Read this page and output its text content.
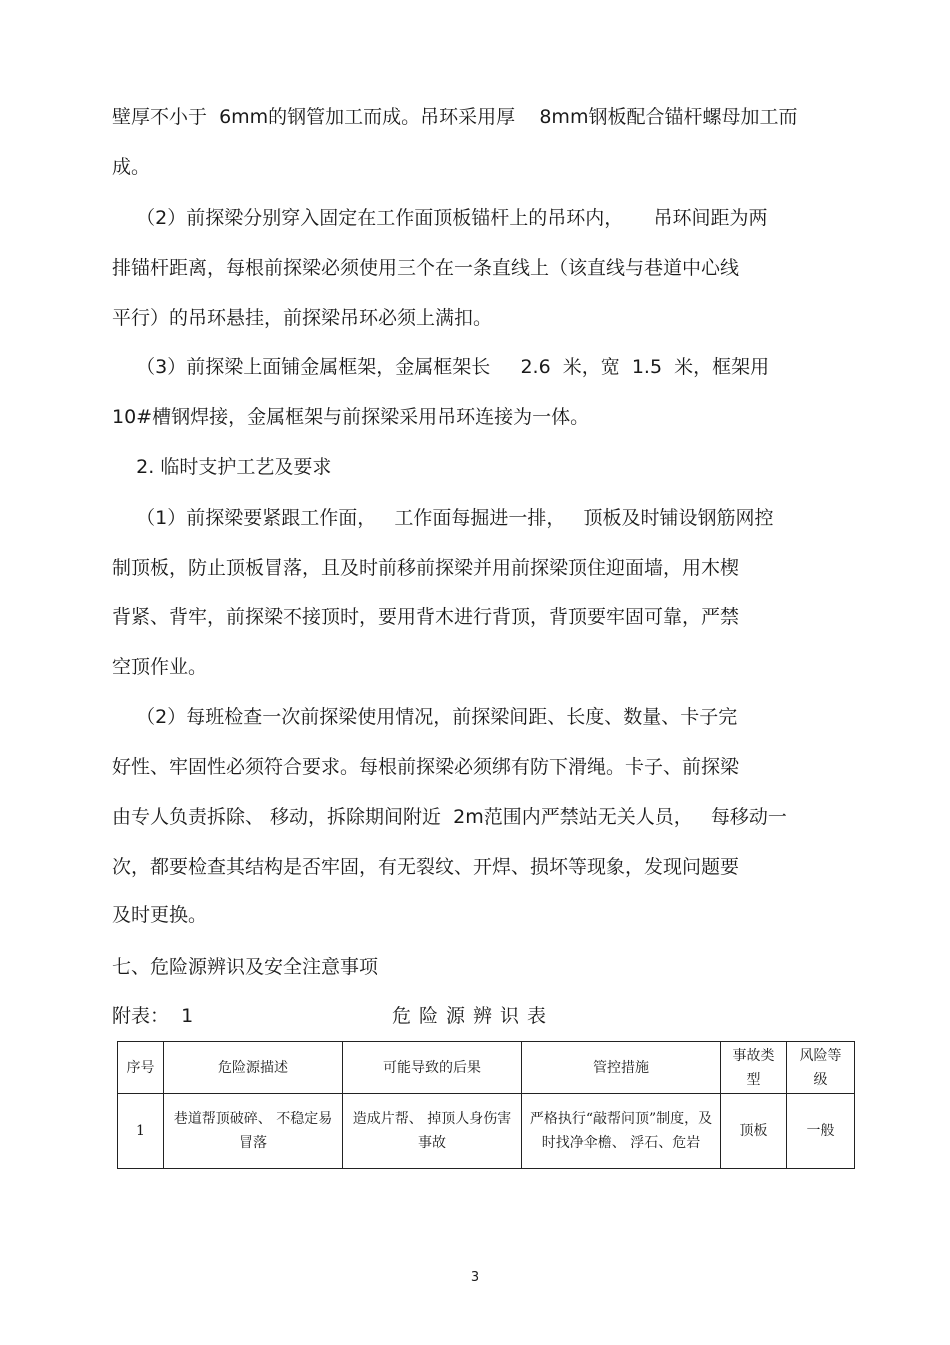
壁厚不小于  6mm的钢管加工而成。吊环采用厚    8mm钢板配合锚杆螺母加工而
成。
（2）前探梁分别穿入固定在工作面顶板锚杆上的吊环内，     吊环间距为两
排锚杆距离，每根前探梁必须使用三个在一条直线上（该直线与巷道中心线
平行）的吊环悬挂，前探梁吊环必须上满扣。
（3）前探梁上面铺金属框架，金属框架长     2.6  米，宽  1.5  米，框架用
10#槽钢焊接，金属框架与前探梁采用吊环连接为一体。
2. 临时支护工艺及要求
（1）前探梁要紧跟工作面，   工作面每掘进一排，   顶板及时铺设钢筋网控
制顶板，防止顶板冒落，且及时前移前探梁并用前探梁顶住迎面墙，用木楔
背紧、背牢，前探梁不接顶时，要用背木进行背顶，背顶要牢固可靠，严禁
空顶作业。
（2）每班检查一次前探梁使用情况，前探梁间距、长度、数量、卡子完
好性、牢固性必须符合要求。每根前探梁必须绑有防下滑绳。卡子、前探梁
由专人负责拆除、 移动，拆除期间附近  2m范围内严禁站无关人员，   每移动一
次，都要检查其结构是否牢固，有无裂纹、开焊、损坏等现象，发现问题要
及时更换。
七、危险源辨识及安全注意事项
附表：  1	危险源辨识表
序号	危险源描述	可能导致的后果	管控措施	事故类型	风险等级
1	巷道帮顶破碎、 不稳定易冒落	造成片帮、 掉顶人身伤害事故	严格执行“敲帮问顶”制度，及时找净伞檐、 浮石、危岩	顶板	一般
3
